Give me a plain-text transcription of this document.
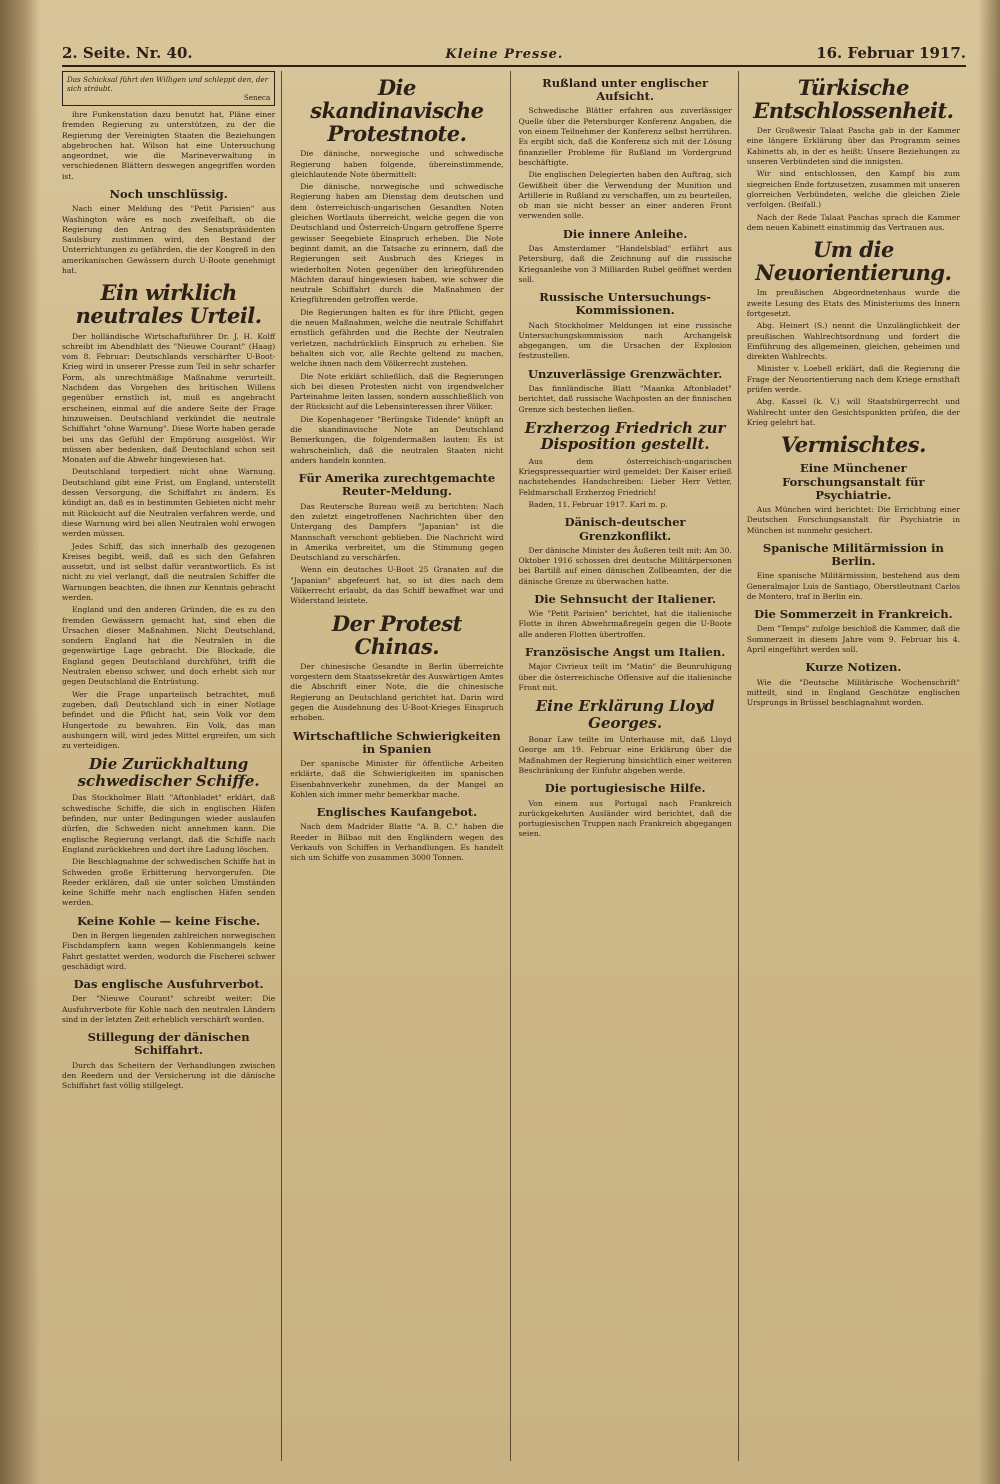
2. Seite. Nr. 40.	Kleine Presse.	16. Februar 1917.
Das Schicksal führt den Willigen und schleppt den, der sich sträubt.
Seneca

ihre Funkenstation dazu benutzt hat, Pläne einer fremden Regierung zu unterstützen, zu der die Regierung der Vereinigten Staaten die Beziehungen abgebrochen hat. Wilson hat eine Untersuchung angeordnet, wie die Marineverwaltung in verschiedenen Blättern deswegen angegriffen worden ist.

Noch unschlüssig.

Nach einer Meldung des "Petit Parisien" aus Washington wäre es noch zweifelhaft, ob die Regierung den Antrag des Senatspräsidenten Saulsbury zustimmen wird, den Bestand der Unterrichtungen zu gefährden, die der Kongreß in den amerikanischen Gewässern durch U-Boote genehmigt hat.

Ein wirklich neutrales Urteil.

Der holländische Wirtschaftsführer Dr. J. H. Kolff schreibt im Abendblatt des "Nieuwe Courant" (Haag) vom 8. Februar: Deutschlands verschärfter U-Boot-Krieg wird in unserer Presse zum Teil in sehr scharfer Form, als unrechtmäßige Maßnahme verurteilt. Nachdem das Vorgehen des britischen Willens gegenüber ernstlich ist, muß es angebracht erscheinen, einmal auf die andere Seite der Frage hinzuweisen. Deutschland verkündet die neutrale Schiffahrt "ohne Warnung". Diese Worte haben gerade bei uns das Gefühl der Empörung ausgelöst. Wir müssen aber bedenken, daß Deutschland schon seit Monaten auf die Abwehr hingewiesen hat.

Deutschland torpediert nicht ohne Warnung. Deutschland gibt eine Frist, um England, unterstellt dessen Versorgung, die Schiffahrt zu ändern. Es kündigt an, daß es in bestimmten Gebieten nicht mehr mit Rücksicht auf die Neutralen verfahren werde, und diese Warnung wird bei allen Neutralen wohl erwogen werden müssen.

Jedes Schiff, das sich innerhalb des gezogenen Kreises begibt, weiß, daß es sich den Gefahren aussetzt, und ist selbst dafür verantwortlich. Es ist nicht zu viel verlangt, daß die neutralen Schiffer die Warnungen beachten, die ihnen zur Kenntnis gebracht werden.

England und den anderen Gründen, die es zu den fremden Gewässern gemacht hat, sind eben die Ursachen dieser Maßnahmen. Nicht Deutschland, sondern England hat die Neutralen in die gegenwärtige Lage gebracht. Die Blockade, die England gegen Deutschland durchführt, trifft die Neutralen ebenso schwer, und doch erhebt sich nur gegen Deutschland die Entrüstung.

Wer die Frage unparteiisch betrachtet, muß zugeben, daß Deutschland sich in einer Notlage befindet und die Pflicht hat, sein Volk vor dem Hungertode zu bewahren. Ein Volk, das man aushungern will, wird jedes Mittel ergreifen, um sich zu verteidigen.

Die Zurückhaltung schwedischer Schiffe.

Das Stockholmer Blatt "Aftonbladet" erklärt, daß schwedische Schiffe, die sich in englischen Häfen befinden, nur unter Bedingungen wieder auslaufen dürfen, die Schweden nicht annehmen kann. Die englische Regierung verlangt, daß die Schiffe nach England zurückkehren und dort ihre Ladung löschen.

Die Beschlagnahme der schwedischen Schiffe hat in Schweden große Erbitterung hervorgerufen. Die Reeder erklären, daß sie unter solchen Umständen keine Schiffe mehr nach englischen Häfen senden werden.

Keine Kohle — keine Fische.

Den in Bergen liegenden zahlreichen norwegischen Fischdampfern kann wegen Kohlenmangels keine Fahrt gestattet werden, wodurch die Fischerei schwer geschädigt wird.

Das englische Ausfuhrverbot.

Der "Nieuwe Courant" schreibt weiter: Die Ausfuhrverbote für Kohle nach den neutralen Ländern sind in der letzten Zeit erheblich verschärft worden.

Stillegung der dänischen Schiffahrt.

Durch das Scheitern der Verhandlungen zwischen den Reedern und der Versicherung ist die dänische Schiffahrt fast völlig stillgelegt.

Die skandinavische Protestnote.

Die dänische, norwegische und schwedische Regierung haben folgende, übereinstimmende, gleichlautende Note übermittelt:

Die dänische, norwegische und schwedische Regierung haben am Dienstag dem deutschen und dem österreichisch-ungarischen Gesandten Noten gleichen Wortlauts überreicht, welche gegen die von Deutschland und Österreich-Ungarn getroffene Sperre gewisser Seegebiete Einspruch erheben. Die Note beginnt damit, an die Tatsache zu erinnern, daß die Regierungen seit Ausbruch des Krieges in wiederholten Noten gegenüber den kriegführenden Mächten darauf hingewiesen haben, wie schwer die neutrale Schiffahrt durch die Maßnahmen der Kriegführenden getroffen werde.

Die Regierungen halten es für ihre Pflicht, gegen die neuen Maßnahmen, welche die neutrale Schiffahrt ernstlich gefährden und die Rechte der Neutralen verletzen, nachdrücklich Einspruch zu erheben. Sie behalten sich vor, alle Rechte geltend zu machen, welche ihnen nach dem Völkerrecht zustehen.

Die Note erklärt schließlich, daß die Regierungen sich bei diesen Protesten nicht von irgendwelcher Parteinahme leiten lassen, sondern ausschließlich von der Rücksicht auf die Lebensinteressen ihrer Völker.

Die Kopenhagener "Berlingske Tidende" knüpft an die skandinavische Note an Deutschland Bemerkungen, die folgendermaßen lauten: Es ist wahrscheinlich, daß die neutralen Staaten nicht anders handeln konnten.

Für Amerika zurechtgemachte Reuter-Meldung.

Das Reutersche Bureau weiß zu berichten: Nach den zuletzt eingetroffenen Nachrichten über den Untergang des Dampfers "Japanian" ist die Mannschaft verschont geblieben. Die Nachricht wird in Amerika verbreitet, um die Stimmung gegen Deutschland zu verschärfen.

Wenn ein deutsches U-Boot 25 Granaten auf die "Japanian" abgefeuert hat, so ist dies nach dem Völkerrecht erlaubt, da das Schiff bewaffnet war und Widerstand leistete.

Der Protest Chinas.

Der chinesische Gesandte in Berlin überreichte vorgestern dem Staatssekretär des Auswärtigen Amtes die Abschrift einer Note, die die chinesische Regierung an Deutschland gerichtet hat. Darin wird gegen die Ausdehnung des U-Boot-Krieges Einspruch erhoben.

Wirtschaftliche Schwierigkeiten in Spanien

Der spanische Minister für öffentliche Arbeiten erklärte, daß die Schwierigkeiten im spanischen Eisenbahnverkehr zunehmen, da der Mangel an Kohlen sich immer mehr bemerkbar mache.

Englisches Kaufangebot.

Nach dem Madrider Blatte "A. B. C." haben die Reeder in Bilbao mit den Engländern wegen des Verkaufs von Schiffen in Verhandlungen. Es handelt sich um Schiffe von zusammen 3000 Tonnen.

Rußland unter englischer Aufsicht.

Schwedische Blätter erfahren aus zuverlässiger Quelle über die Petersburger Konferenz Angaben, die von einem Teilnehmer der Konferenz selbst herrühren. Es ergibt sich, daß die Konferenz sich mit der Lösung finanzieller Probleme für Rußland im Vordergrund beschäftigte.

Die englischen Delegierten haben den Auftrag, sich Gewißheit über die Verwendung der Munition und Artillerie in Rußland zu verschaffen, um zu beurteilen, ob man sie nicht besser an einer anderen Front verwenden solle.

Die innere Anleihe.

Das Amsterdamer "Handelsblad" erfährt aus Petersburg, daß die Zeichnung auf die russische Kriegsanleihe von 3 Milliarden Rubel geöffnet werden soll.

Russische Untersuchungs-Kommissionen.

Nach Stockholmer Meldungen ist eine russische Untersuchungskommission nach Archangelsk abgegangen, um die Ursachen der Explosion festzustellen.

Unzuverlässige Grenzwächter.

Das finnländische Blatt "Maanka Aftonbladet" berichtet, daß russische Wachposten an der finnischen Grenze sich bestechen ließen.

Erzherzog Friedrich zur Disposition gestellt.

Aus dem österreichisch-ungarischen Kriegspressequartier wird gemeldet: Der Kaiser erließ nachstehendes Handschreiben: Lieber Herr Vetter, Feldmarschall Erzherzog Friedrich!

Baden, 11. Februar 1917. Karl m. p.

Dänisch-deutscher Grenzkonflikt.

Der dänische Minister des Äußeren teilt mit: Am 30. Oktober 1916 schossen drei deutsche Militärpersonen bei Bartilß auf einen dänischen Zollbeamten, der die dänische Grenze zu überwachen hatte.

Die Sehnsucht der Italiener.

Wie "Petit Parisien" berichtet, hat die italienische Flotte in ihren Abwehrmaßregeln gegen die U-Boote alle anderen Flotten übertroffen.

Französische Angst um Italien.

Major Civrieux teilt im "Matin" die Beunruhigung über die österreichische Offensive auf die italienische Front mit.

Eine Erklärung Lloyd Georges.

Bonar Law teilte im Unterhause mit, daß Lloyd George am 19. Februar eine Erklärung über die Maßnahmen der Regierung hinsichtlich einer weiteren Beschränkung der Einfuhr abgeben werde.

Die portugiesische Hilfe.

Von einem aus Portugal nach Frankreich zurückgekehrten Ausländer wird berichtet, daß die portugiesischen Truppen nach Frankreich abgegangen seien.

Türkische Entschlossenheit.

Der Großwesir Talaat Pascha gab in der Kammer eine längere Erklärung über das Programm seines Kabinetts ab, in der es heißt: Unsere Beziehungen zu unseren Verbündeten sind die innigsten.

Wir sind entschlossen, den Kampf bis zum siegreichen Ende fortzusetzen, zusammen mit unseren glorreichen Verbündeten, welche die gleichen Ziele verfolgen. (Beifall.)

Nach der Rede Talaat Paschas sprach die Kammer dem neuen Kabinett einstimmig das Vertrauen aus.

Um die Neuorientierung.

Im preußischen Abgeordnetenhaus wurde die zweite Lesung des Etats des Ministeriums des Innern fortgesetzt.

Abg. Heinert (S.) nennt die Unzulänglichkeit der preußischen Wahlrechtsordnung und fordert die Einführung des allgemeinen, gleichen, geheimen und direkten Wahlrechts.

Minister v. Loebell erklärt, daß die Regierung die Frage der Neuorientierung nach dem Kriege ernsthaft prüfen werde.

Abg. Kassel (k. V.) will Staatsbürgerrecht und Wahlrecht unter den Gesichtspunkten prüfen, die der Krieg gelehrt hat.

Vermischtes.
Eine Münchener Forschungsanstalt für Psychiatrie.

Aus München wird berichtet: Die Errichtung einer Deutschen Forschungsanstalt für Psychiatrie in München ist nunmehr gesichert.

Spanische Militärmission in Berlin.

Eine spanische Militärmission, bestehend aus dem Generalmajor Luis de Santiago, Oberstleutnant Carlos de Montero, traf in Berlin ein.

Die Sommerzeit in Frankreich.

Dem "Temps" zufolge beschloß die Kammer, daß die Sommerzeit in diesem Jahre vom 9. Februar bis 4. April eingeführt werden soll.

Kurze Notizen.

Wie die "Deutsche Militärische Wochenschrift" mitteilt, sind in England Geschütze englischen Ursprungs in Brüssel beschlagnahmt worden.
